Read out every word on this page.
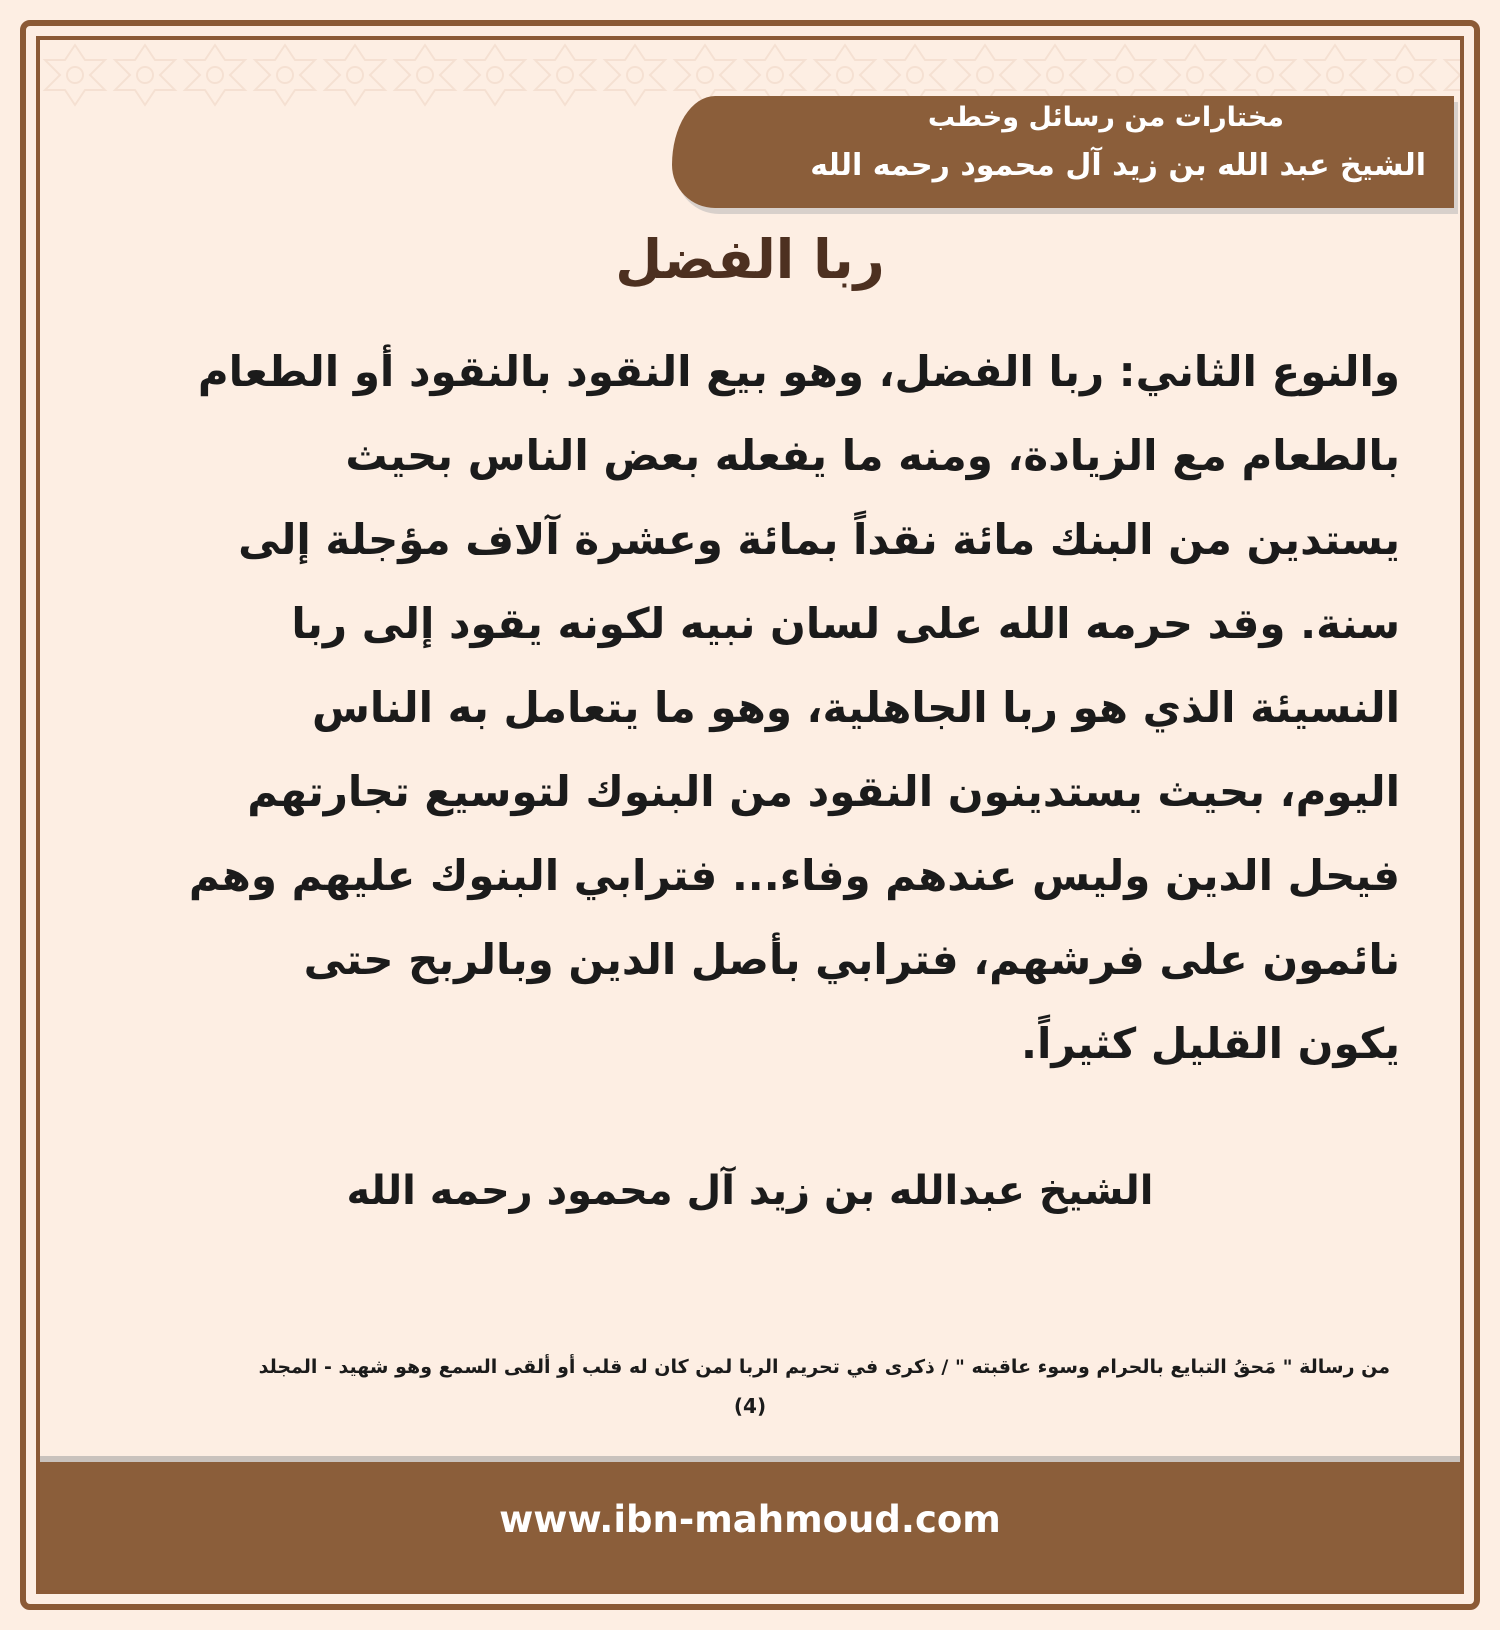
مختارات من رسائل وخطب
الشيخ عبد الله بن زيد آل محمود رحمه الله
ربا الفضل
والنوع الثاني: ربا الفضل، وهو بيع النقود بالنقود أو الطعام
بالطعام مع الزيادة، ومنه ما يفعله بعض الناس بحيث
يستدين من البنك مائة نقداً بمائة وعشرة آلاف مؤجلة إلى
سنة. وقد حرمه الله على لسان نبيه لكونه يقود إلى ربا
النسيئة الذي هو ربا الجاهلية، وهو ما يتعامل به الناس
اليوم، بحيث يستدينون النقود من البنوك لتوسيع تجارتهم
فيحل الدين وليس عندهم وفاء... فترابي البنوك عليهم وهم
نائمون على فرشهم، فترابي بأصل الدين وبالربح حتى
يكون القليل كثيراً.
الشيخ عبدالله بن زيد آل محمود رحمه الله
من رسالة " مَحقُ التبايع بالحرام وسوء عاقبته " / ذكرى في تحريم الربا لمن كان له قلب أو ألقى السمع وهو شهيد - المجلد
(4)
www.ibn-mahmoud.com
